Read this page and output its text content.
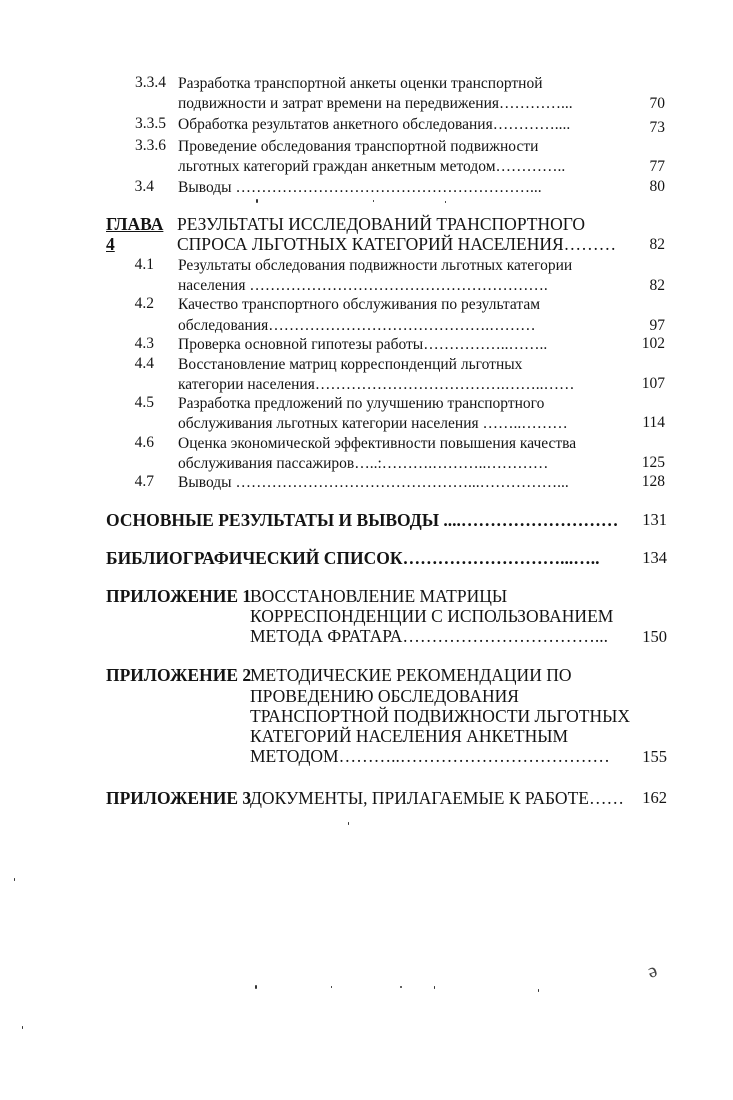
3.3.4 Разработка транспортной анкеты оценки транспортной
подвижности и затрат времени на передвижения…………...	70
3.3.5 Обработка результатов анкетного обследования…………....	73
3.3.6 Проведение обследования транспортной подвижности
льготных категорий граждан анкетным методом…………..	77
3.4 Выводы …………………………………………………...	80
ГЛАВА
4
РЕЗУЛЬТАТЫ ИССЛЕДОВАНИЙ ТРАНСПОРТНОГО
СПРОСА ЛЬГОТНЫХ КАТЕГОРИЙ НАСЕЛЕНИЯ………	82
4.1 Результаты обследования подвижности льготных категории
населения ………………………………………………….	82
4.2 Качество транспортного обслуживания по результатам
обследования…………………………………….………	97
4.3 Проверка основной гипотезы работы……………..……..	102
4.4 Восстановление матриц корреспонденций льготных
категории населения……………………………….……..……	107
4.5 Разработка предложений по улучшению транспортного
обслуживания льготных категории населения ……..………	114
4.6 Оценка экономической эффективности повышения качества
обслуживания пассажиров…..:……….………..…………	125
4.7 Выводы ………………………………………...……………...	128
ОСНОВНЫЕ РЕЗУЛЬТАТЫ И ВЫВОДЫ ....………………………	131
БИБЛИОГРАФИЧЕСКИЙ СПИСОК………………………...…..	134
ПРИЛОЖЕНИЕ 1
ВОССТАНОВЛЕНИЕ МАТРИЦЫ
КОРРЕСПОНДЕНЦИИ С ИСПОЛЬЗОВАНИЕМ
МЕТОДА ФРАТАРА……………………………...	150
ПРИЛОЖЕНИЕ 2
МЕТОДИЧЕСКИЕ РЕКОМЕНДАЦИИ ПО
ПРОВЕДЕНИЮ ОБСЛЕДОВАНИЯ
ТРАНСПОРТНОЙ ПОДВИЖНОСТИ ЛЬГОТНЫХ
КАТЕГОРИЙ НАСЕЛЕНИЯ АНКЕТНЫМ
МЕТОДОМ………..………………………………	155
ПРИЛОЖЕНИЕ 3
ДОКУМЕНТЫ, ПРИЛАГАЕМЫЕ К РАБОТЕ……	162
ə
